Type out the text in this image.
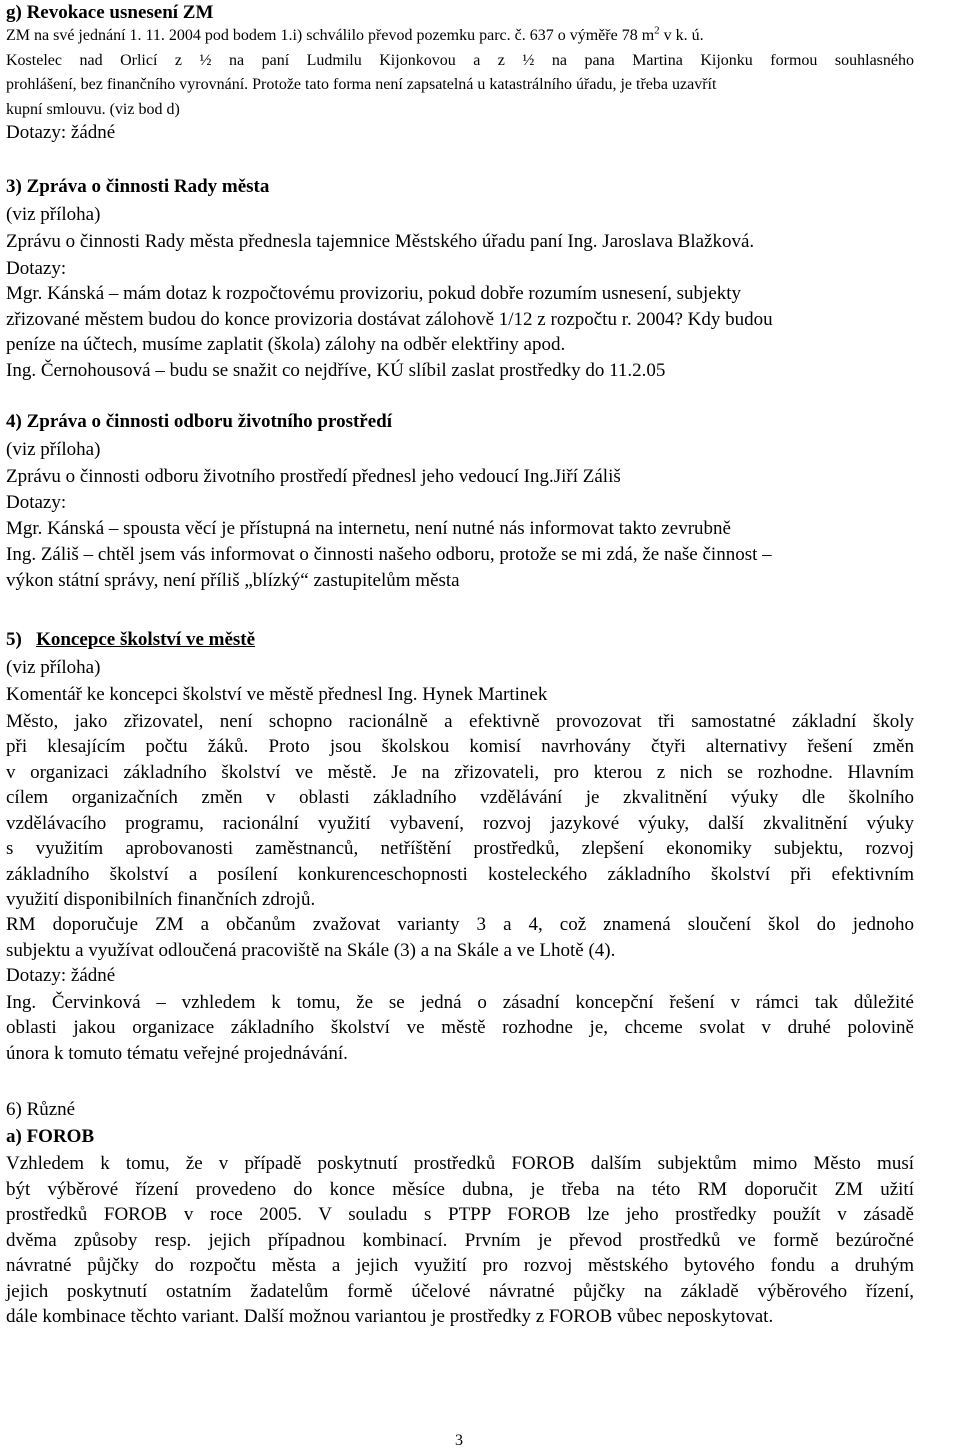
g) Revokace usnesení ZM
ZM na své jednání 1. 11. 2004 pod bodem 1.i) schválilo převod pozemku parc. č. 637 o výměře 78 $m^2$ v k. ú.
Kostelec nad Orlicí z ½ na paní Ludmilu Kijonkovou a z ½ na pana Martina Kijonku formou souhlasného
prohlášení, bez finančního vyrovnání. Protože tato forma není zapsatelná u katastrálního úřadu, je třeba uzavřít
kupní smlouvu. (viz bod d)
Dotazy: žádné
3) Zpráva o činnosti Rady města
(viz příloha)
Zprávu o činnosti Rady města přednesla tajemnice Městského úřadu paní Ing. Jaroslava Blažková.
Dotazy:
Mgr. Kánská – mám dotaz k rozpočtovému provizoriu, pokud dobře rozumím usnesení, subjekty
zřizované městem budou do konce provizoria dostávat zálohově 1/12 z rozpočtu r. 2004? Kdy budou
peníze na účtech, musíme zaplatit (škola) zálohy na odběr elektřiny apod.
Ing. Černohousová – budu se snažit co nejdříve, KÚ slíbil zaslat prostředky do 11.2.05
4) Zpráva o činnosti odboru životního prostředí
(viz příloha)
Zprávu o činnosti odboru životního prostředí přednesl jeho vedoucí Ing.Jiří Záliš
Dotazy:
Mgr. Kánská – spousta věcí je přístupná na internetu, není nutné nás informovat takto zevrubně
Ing. Záliš – chtěl jsem vás informovat o činnosti našeho odboru, protože se mi zdá, že naše činnost –
výkon státní správy, není příliš „blízký“ zastupitelům města
5) Koncepce školství ve městě
(viz příloha)
Komentář ke koncepci školství ve městě přednesl Ing. Hynek Martinek
Město, jako zřizovatel, není schopno racionálně a efektivně provozovat tři samostatné základní školy
při klesajícím počtu žáků. Proto jsou školskou komisí navrhovány čtyři alternativy řešení změn
v organizaci základního školství ve městě. Je na zřizovateli, pro kterou z nich se rozhodne. Hlavním
cílem organizačních změn v oblasti základního vzdělávání je zkvalitnění výuky dle školního
vzdělávacího programu, racionální využití vybavení, rozvoj jazykové výuky, další zkvalitnění výuky
s využitím aprobovanosti zaměstnanců, netříštění prostředků, zlepšení ekonomiky subjektu, rozvoj
základního školství a posílení konkurenceschopnosti kosteleckého základního školství při efektivním
využití disponibilních finančních zdrojů.
RM doporučuje ZM a občanům zvažovat varianty 3 a 4, což znamená sloučení škol do jednoho
subjektu a využívat odloučená pracoviště na Skále (3) a na Skále a ve Lhotě (4).
Dotazy: žádné
Ing. Červinková – vzhledem k tomu, že se jedná o zásadní koncepční řešení v rámci tak důležité
oblasti jakou organizace základního školství ve městě rozhodne je, chceme svolat v druhé polovině
února k tomuto tématu veřejné projednávání.
6) Různé
a) FOROB
Vzhledem k tomu, že v případě poskytnutí prostředků FOROB dalším subjektům mimo Město musí
být výběrové řízení provedeno do konce měsíce dubna, je třeba na této RM doporučit ZM užití
prostředků FOROB v roce 2005. V souladu s PTPP FOROB lze jeho prostředky použít v zásadě
dvěma způsoby resp. jejich případnou kombinací. Prvním je převod prostředků ve formě bezúročné
návratné půjčky do rozpočtu města a jejich využití pro rozvoj městského bytového fondu a druhým
jejich poskytnutí ostatním žadatelům formě účelové návratné půjčky na základě výběrového řízení,
dále kombinace těchto variant. Další možnou variantou je prostředky z FOROB vůbec neposkytovat.
3
